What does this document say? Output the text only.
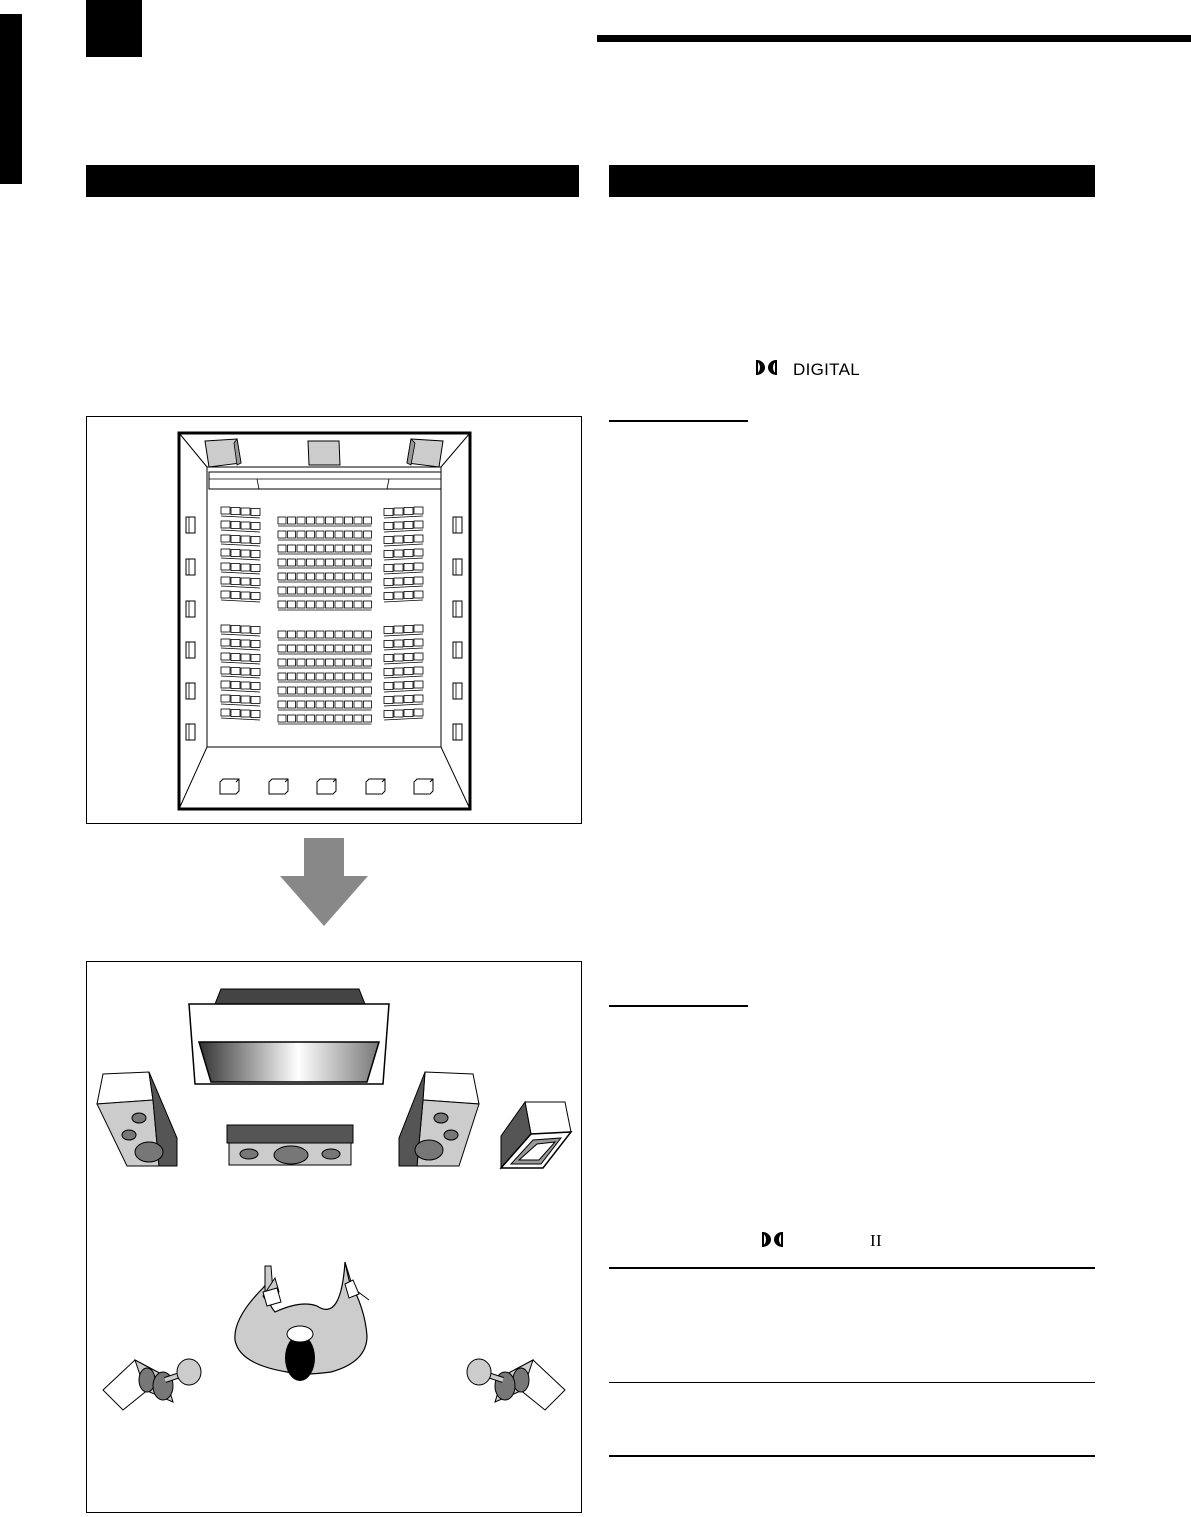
DIGITAL
II
